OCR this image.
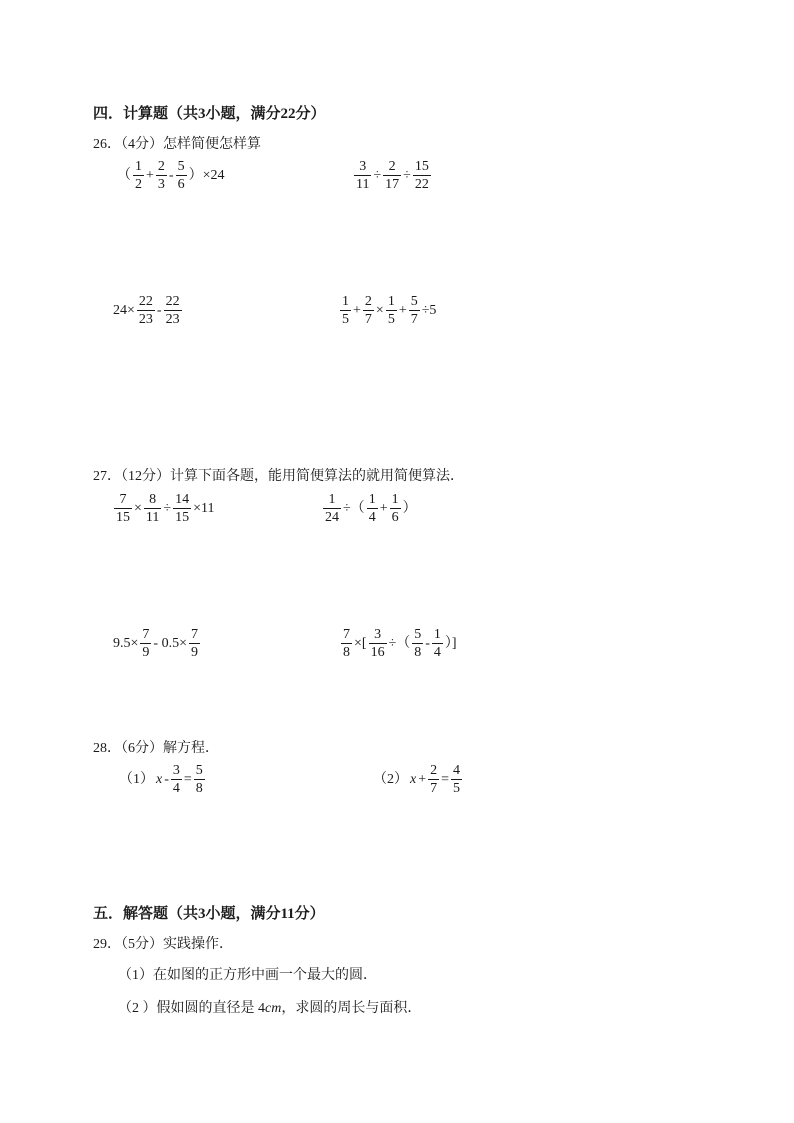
四．计算题（共3小题，满分22分）
26．（4分）怎样简便怎样算
（ $\frac{1}{2} + \frac{2}{3} - \frac{5}{6} )\times 24$	$\frac{3}{11} \div \frac{2}{17} \div \frac{15}{22}$
$24\times \frac{22}{23} - \frac{22}{23}$	$\frac{1}{5} + \frac{2}{7} \times \frac{1}{5} + \frac{5}{7} \div 5$
27．（12分）计算下面各题，能用简便算法的就用简便算法．
$\frac{7}{15} \times \frac{8}{11} \div \frac{14}{15} \times 11$	$\frac{1}{24}$ ÷（ $\frac{1}{4} + \frac{1}{6}$ ）
$9.5\times \frac{7}{9} - 0.5\times \frac{7}{9}$	$\frac{7}{8}$ ×[ $\frac{3}{16}$ ÷（ $\frac{5}{8} - \frac{1}{4}$ ）]
28．（6分）解方程．
（1） $x - \frac{3}{4} = \frac{5}{8}$	（2） $x + \frac{2}{7} = \frac{4}{5}$
五．解答题（共3小题，满分11分）
29．（5分）实践操作．
（1）在如图的正方形中画一个最大的圆．
（2 ）假如圆的直径是 4cm，求圆的周长与面积．
